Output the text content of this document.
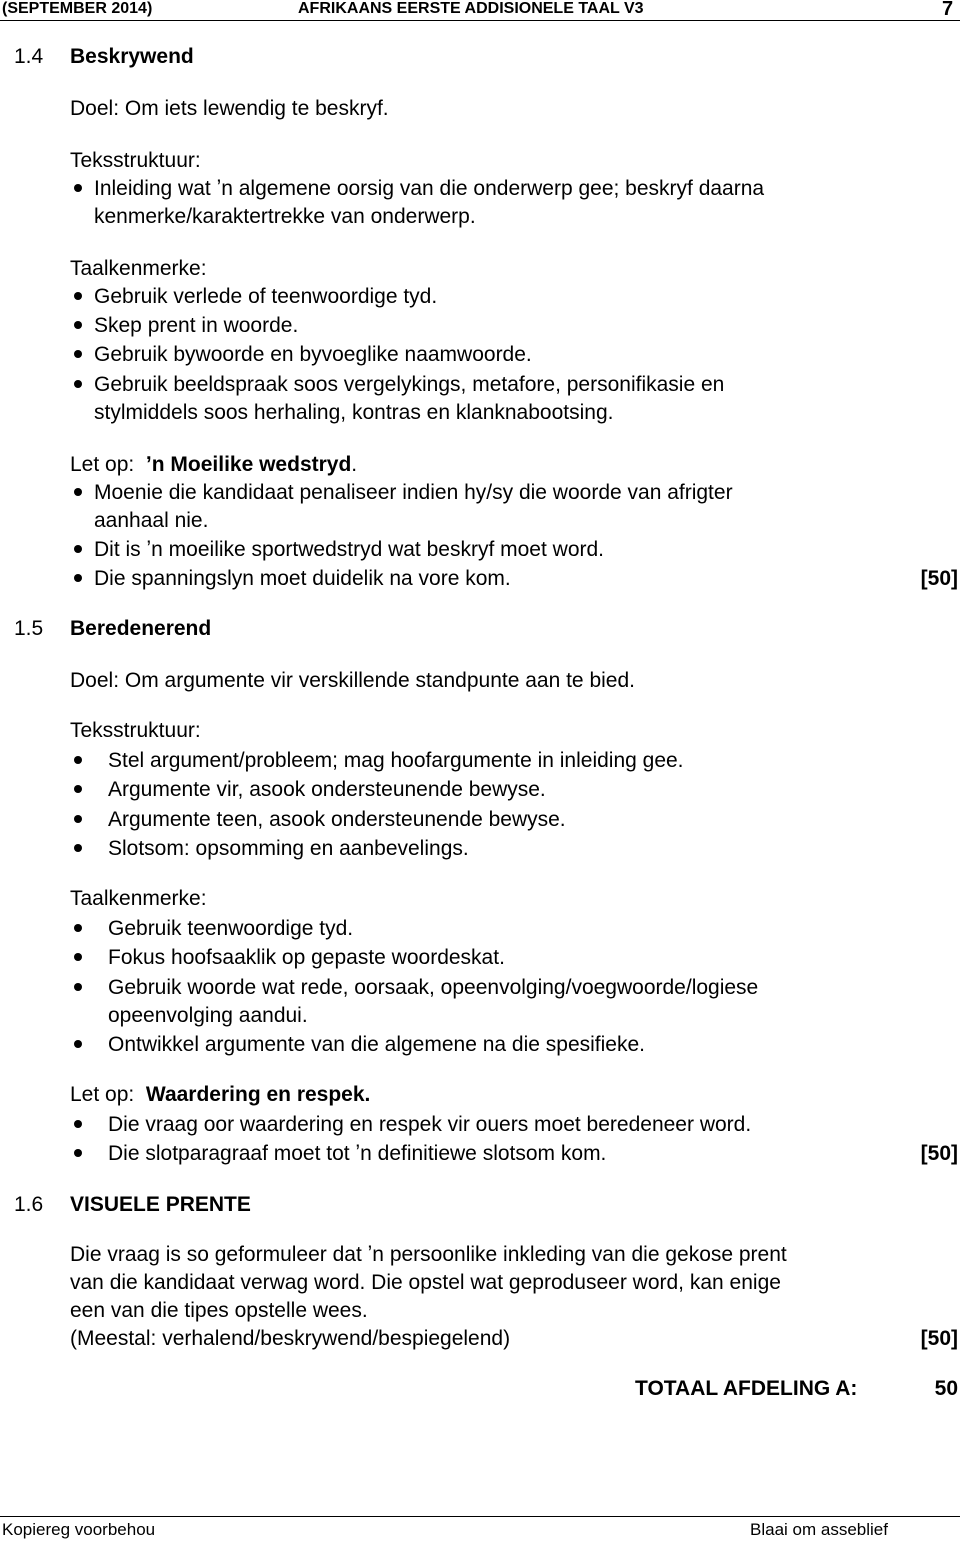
(SEPTEMBER 2014)	AFRIKAANS EERSTE ADDISIONELE TAAL V3	7
1.4 Beskrywend
Doel: Om iets lewendig te beskryf.
Teksstruktuur:
Inleiding wat ʼn algemene oorsig van die onderwerp gee; beskryf daarna
kenmerke/karaktertrekke van onderwerp.
Taalkenmerke:
Gebruik verlede of teenwoordige tyd.
Skep prent in woorde.
Gebruik bywoorde en byvoeglike naamwoorde.
Gebruik beeldspraak soos vergelykings, metafore, personifikasie en
stylmiddels soos herhaling, kontras en klanknabootsing.
Let op: ʼn Moeilike wedstryd.
Moenie die kandidaat penaliseer indien hy/sy die woorde van afrigter
aanhaal nie.
Dit is ʼn moeilike sportwedstryd wat beskryf moet word.
Die spanningslyn moet duidelik na vore kom.	[50]
1.5 Beredenerend
Doel: Om argumente vir verskillende standpunte aan te bied.
Teksstruktuur:
Stel argument/probleem; mag hoofargumente in inleiding gee.
Argumente vir, asook ondersteunende bewyse.
Argumente teen, asook ondersteunende bewyse.
Slotsom: opsomming en aanbevelings.
Taalkenmerke:
Gebruik teenwoordige tyd.
Fokus hoofsaaklik op gepaste woordeskat.
Gebruik woorde wat rede, oorsaak, opeenvolging/voegwoorde/logiese
opeenvolging aandui.
Ontwikkel argumente van die algemene na die spesifieke.
Let op: Waardering en respek.
Die vraag oor waardering en respek vir ouers moet beredeneer word.
Die slotparagraaf moet tot ʼn definitiewe slotsom kom.	[50]
1.6 VISUELE PRENTE
Die vraag is so geformuleer dat ʼn persoonlike inkleding van die gekose prent
van die kandidaat verwag word. Die opstel wat geproduseer word, kan enige
een van die tipes opstelle wees.
(Meestal: verhalend/beskrywend/bespiegelend)	[50]
TOTAAL AFDELING A:	50
Kopiereg voorbehou	Blaai om asseblief
